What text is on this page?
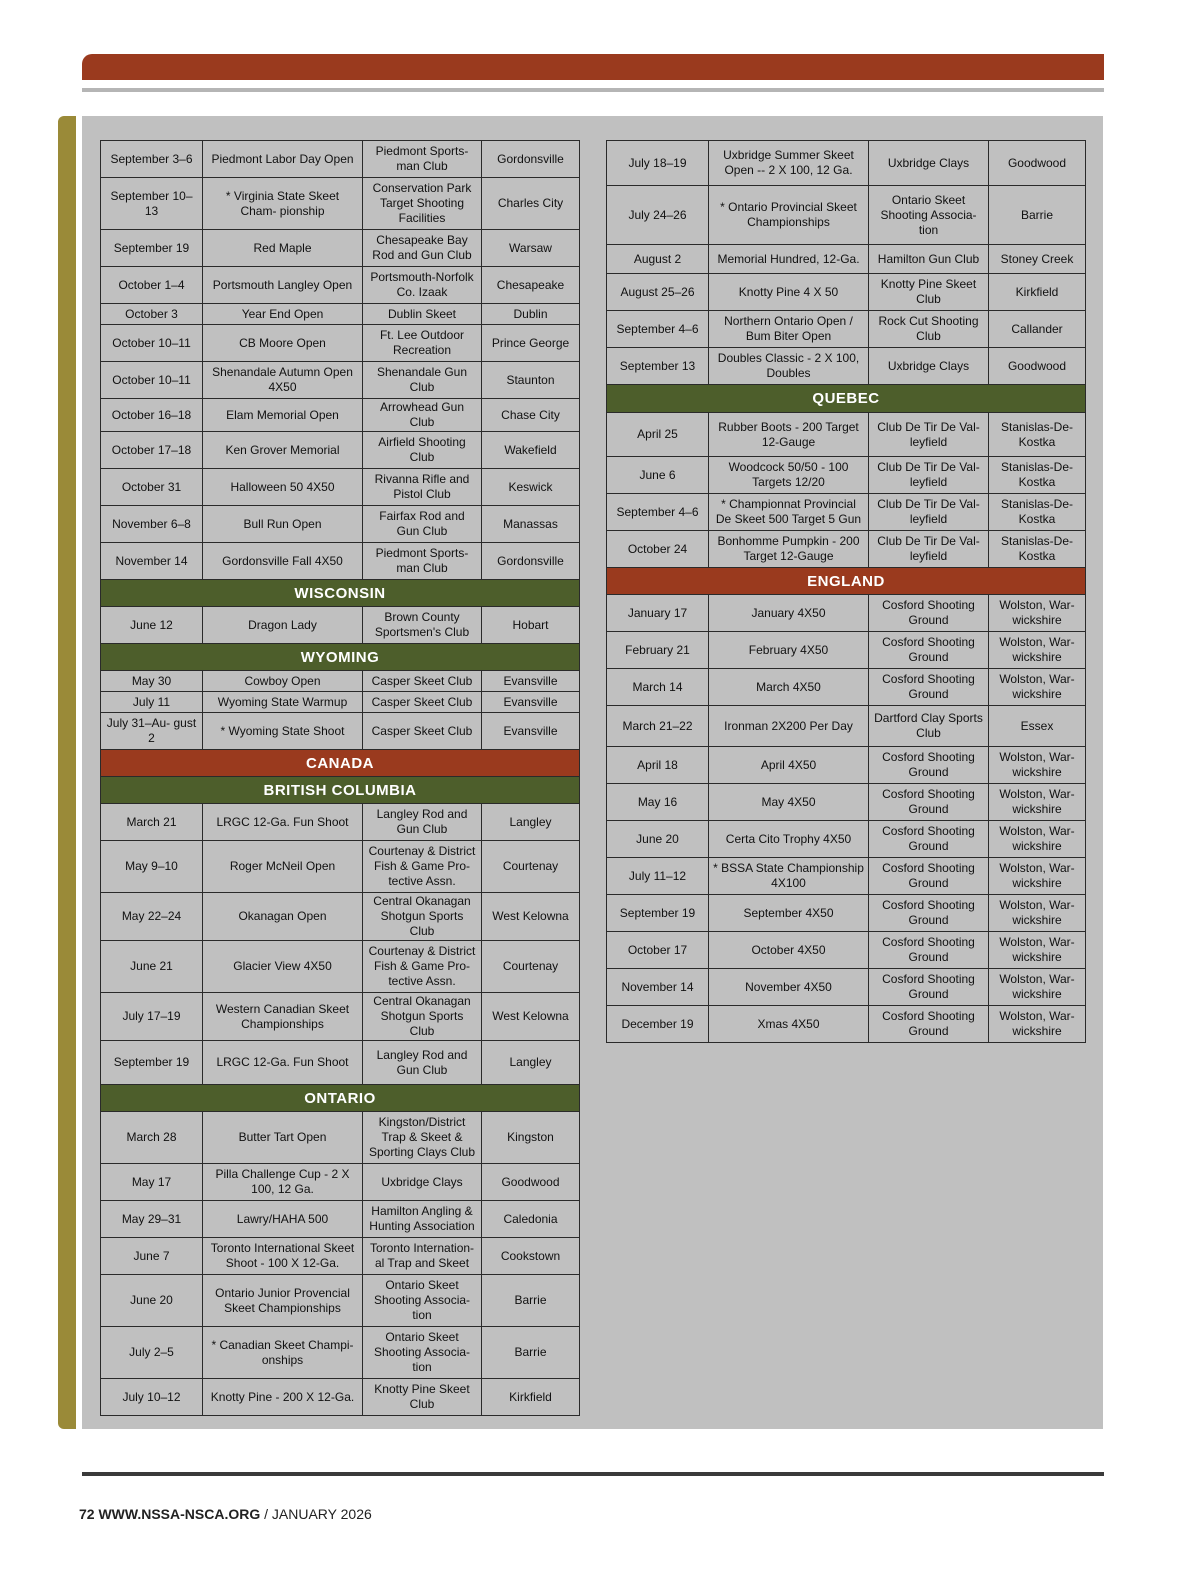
September 3–6	Piedmont Labor Day Open	Piedmont Sports- man Club	Gordonsville
September 10–13	* Virginia State Skeet Cham- pionship	Conservation Park Target Shooting Facilities	Charles City
September 19	Red Maple	Chesapeake Bay Rod and Gun Club	Warsaw
October 1–4	Portsmouth Langley Open	Portsmouth-Norfolk Co. Izaak	Chesapeake
October 3	Year End Open	Dublin Skeet	Dublin
October 10–11	CB Moore Open	Ft. Lee Outdoor Recreation	Prince George
October 10–11	Shenandale Autumn Open 4X50	Shenandale Gun Club	Staunton
October 16–18	Elam Memorial Open	Arrowhead Gun Club	Chase City
October 17–18	Ken Grover Memorial	Airfield Shooting Club	Wakefield
October 31	Halloween 50 4X50	Rivanna Rifle and Pistol Club	Keswick
November 6–8	Bull Run Open	Fairfax Rod and Gun Club	Manassas
November 14	Gordonsville Fall 4X50	Piedmont Sports- man Club	Gordonsville
WISCONSIN			
June 12	Dragon Lady	Brown County Sportsmen's Club	Hobart
WYOMING			
May 30	Cowboy Open	Casper Skeet Club	Evansville
July 11	Wyoming State Warmup	Casper Skeet Club	Evansville
July 31–Au- gust 2	* Wyoming State Shoot	Casper Skeet Club	Evansville
CANADA			
BRITISH COLUMBIA			
March 21	LRGC 12-Ga. Fun Shoot	Langley Rod and Gun Club	Langley
May 9–10	Roger McNeil Open	Courtenay & District Fish & Game Pro- tective Assn.	Courtenay
May 22–24	Okanagan Open	Central Okanagan Shotgun Sports Club	West Kelowna
June 21	Glacier View 4X50	Courtenay & District Fish & Game Pro- tective Assn.	Courtenay
July 17–19	Western Canadian Skeet Championships	Central Okanagan Shotgun Sports Club	West Kelowna
September 19	LRGC 12-Ga. Fun Shoot	Langley Rod and Gun Club	Langley
ONTARIO			
March 28	Butter Tart Open	Kingston/District Trap & Skeet & Sporting Clays Club	Kingston
May 17	Pilla Challenge Cup - 2 X 100, 12 Ga.	Uxbridge Clays	Goodwood
May 29–31	Lawry/HAHA 500	Hamilton Angling & Hunting Association	Caledonia
June 7	Toronto International Skeet Shoot - 100 X 12-Ga.	Toronto Internation- al Trap and Skeet	Cookstown
June 20	Ontario Junior Provencial Skeet Championships	Ontario Skeet Shooting Associa- tion	Barrie
July 2–5	* Canadian Skeet Champi- onships	Ontario Skeet Shooting Associa- tion	Barrie
July 10–12	Knotty Pine - 200 X 12-Ga.	Knotty Pine Skeet Club	Kirkfield
July 18–19	Uxbridge Summer Skeet Open -- 2 X 100, 12 Ga.	Uxbridge Clays	Goodwood
July 24–26	* Ontario Provincial Skeet Championships	Ontario Skeet Shooting Associa- tion	Barrie
August 2	Memorial Hundred, 12-Ga.	Hamilton Gun Club	Stoney Creek
August 25–26	Knotty Pine 4 X 50	Knotty Pine Skeet Club	Kirkfield
September 4–6	Northern Ontario Open / Bum Biter Open	Rock Cut Shooting Club	Callander
September 13	Doubles Classic - 2 X 100, Doubles	Uxbridge Clays	Goodwood
QUEBEC			
April 25	Rubber Boots - 200 Target 12-Gauge	Club De Tir De Val- leyfield	Stanislas-De- Kostka
June 6	Woodcock 50/50 - 100 Targets 12/20	Club De Tir De Val- leyfield	Stanislas-De- Kostka
September 4–6	* Championnat Provincial De Skeet 500 Target 5 Gun	Club De Tir De Val- leyfield	Stanislas-De- Kostka
October 24	Bonhomme Pumpkin - 200 Target 12-Gauge	Club De Tir De Val- leyfield	Stanislas-De- Kostka
ENGLAND			
January 17	January 4X50	Cosford Shooting Ground	Wolston, War- wickshire
February 21	February 4X50	Cosford Shooting Ground	Wolston, War- wickshire
March 14	March 4X50	Cosford Shooting Ground	Wolston, War- wickshire
March 21–22	Ironman 2X200 Per Day	Dartford Clay Sports Club	Essex
April 18	April 4X50	Cosford Shooting Ground	Wolston, War- wickshire
May 16	May 4X50	Cosford Shooting Ground	Wolston, War- wickshire
June 20	Certa Cito Trophy 4X50	Cosford Shooting Ground	Wolston, War- wickshire
July 11–12	* BSSA State Championship 4X100	Cosford Shooting Ground	Wolston, War- wickshire
September 19	September 4X50	Cosford Shooting Ground	Wolston, War- wickshire
October 17	October 4X50	Cosford Shooting Ground	Wolston, War- wickshire
November 14	November 4X50	Cosford Shooting Ground	Wolston, War- wickshire
December 19	Xmas 4X50	Cosford Shooting Ground	Wolston, War- wickshire
72 WWW.NSSA-NSCA.ORG / JANUARY 2026
